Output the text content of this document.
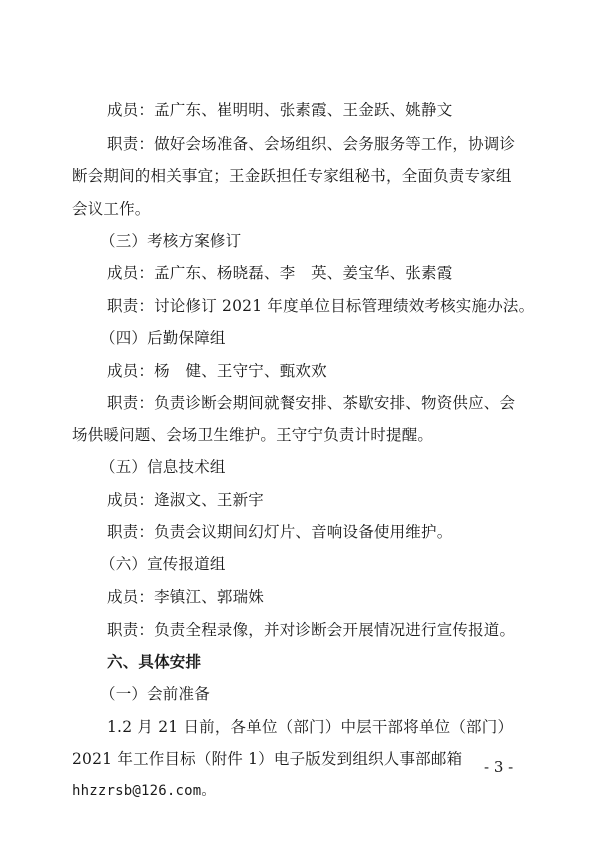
成员：孟广东、崔明明、张素霞、王金跃、姚静文
职责：做好会场准备、会场组织、会务服务等工作，协调诊
断会期间的相关事宜；王金跃担任专家组秘书，全面负责专家组
会议工作。
（三）考核方案修订
成员：孟广东、杨晓磊、李　英、姜宝华、张素霞
职责：讨论修订 2021 年度单位目标管理绩效考核实施办法。
（四）后勤保障组
成员：杨　健、王守宁、甄欢欢
职责：负责诊断会期间就餐安排、茶歇安排、物资供应、会
场供暖问题、会场卫生维护。王守宁负责计时提醒。
（五）信息技术组
成员：逄淑文、王新宇
职责：负责会议期间幻灯片、音响设备使用维护。
（六）宣传报道组
成员：李镇江、郭瑞姝
职责：负责全程录像，并对诊断会开展情况进行宣传报道。
六、具体安排
（一）会前准备
1.2 月 21 日前，各单位（部门）中层干部将单位（部门）
2021 年工作目标（附件 1）电子版发到组织人事部邮箱
hhzzrsb@126.com。
- 3 -
